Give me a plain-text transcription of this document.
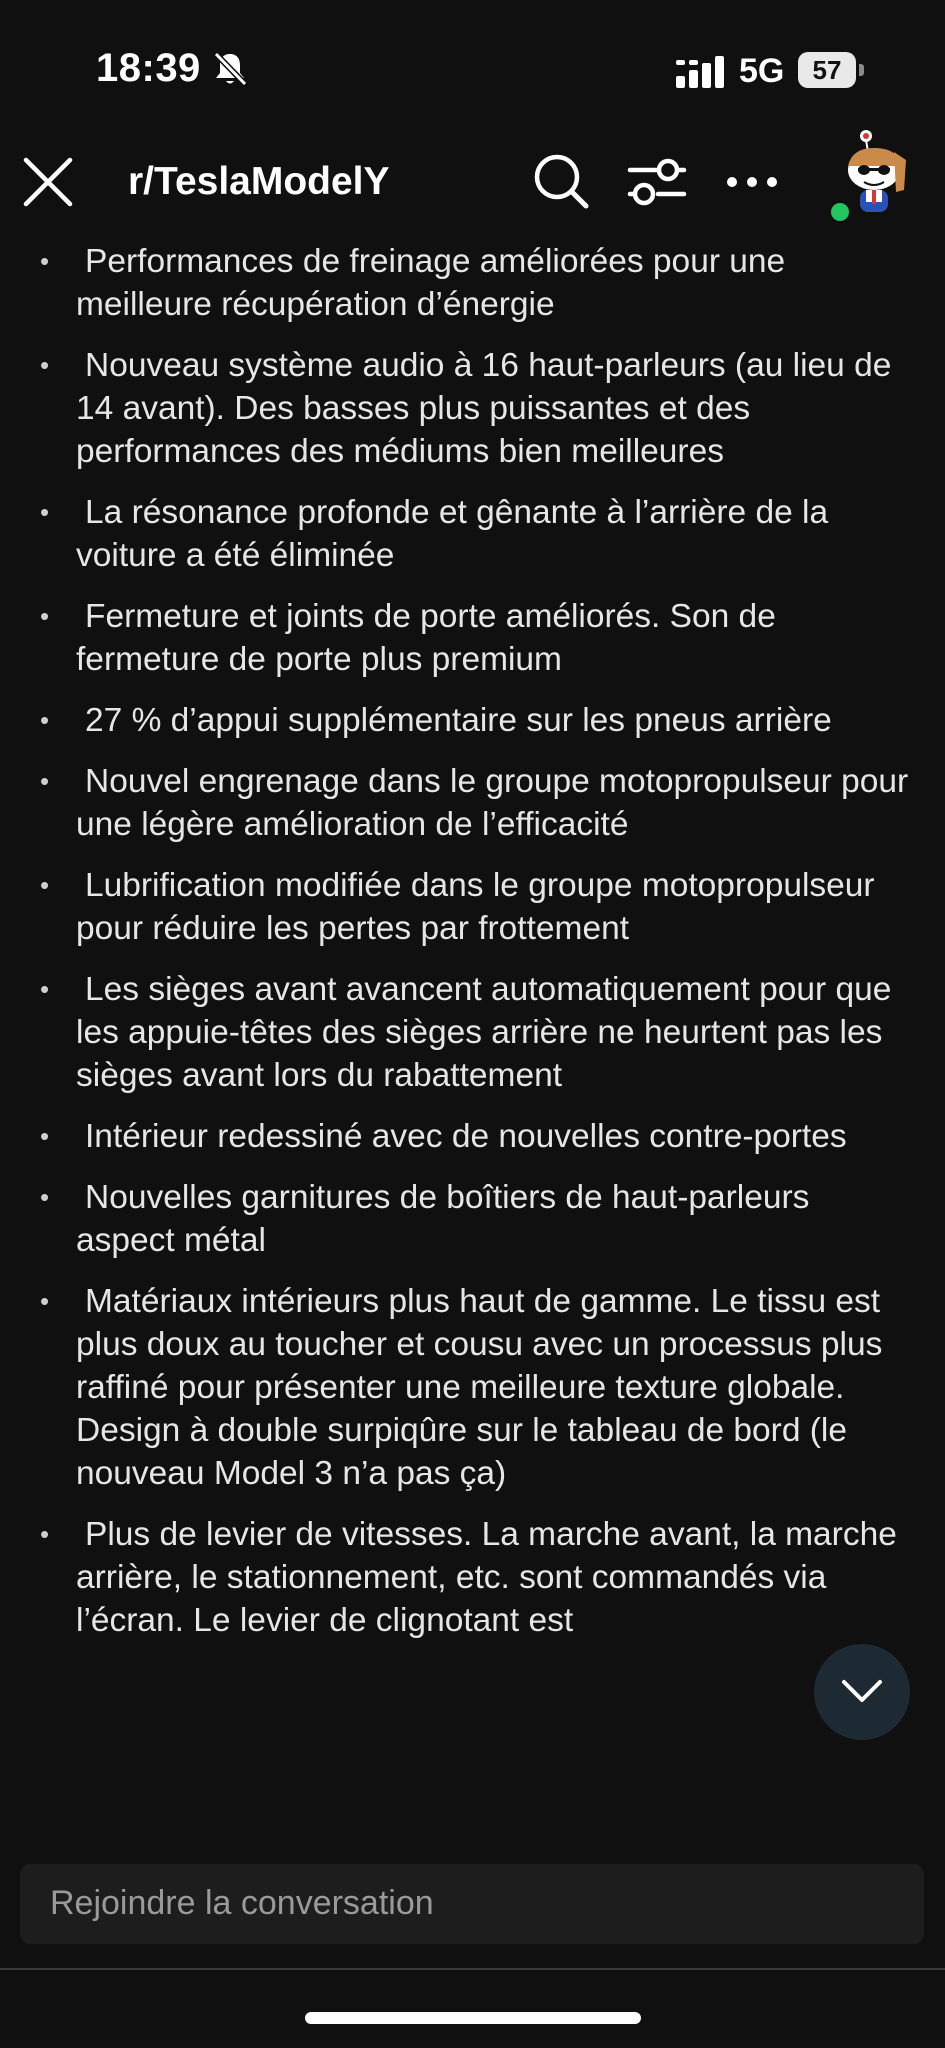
18:39	5G	57
r/TeslaModelY
• Performances de freinage améliorées pour une meilleure récupération d’énergie
• Nouveau système audio à 16 haut-parleurs (au lieu de 14 avant). Des basses plus puissantes et des performances des médiums bien meilleures
• La résonance profonde et gênante à l’arrière de la voiture a été éliminée
• Fermeture et joints de porte améliorés. Son de fermeture de porte plus premium
• 27 % d’appui supplémentaire sur les pneus arrière
• Nouvel engrenage dans le groupe motopropulseur pour une légère amélioration de l’efficacité
• Lubrification modifiée dans le groupe motopropulseur pour réduire les pertes par frottement
• Les sièges avant avancent automatiquement pour que les appuie-têtes des sièges arrière ne heurtent pas les sièges avant lors du rabattement
• Intérieur redessiné avec de nouvelles contre-portes
• Nouvelles garnitures de boîtiers de haut-parleurs aspect métal
• Matériaux intérieurs plus haut de gamme. Le tissu est plus doux au toucher et cousu avec un processus plus raffiné pour présenter une meilleure texture globale. Design à double surpiqûre sur le tableau de bord (le nouveau Model 3 n’a pas ça)
• Plus de levier de vitesses. La marche avant, la marche arrière, le stationnement, etc. sont commandés via l’écran. Le levier de clignotant est
Rejoindre la conversation
